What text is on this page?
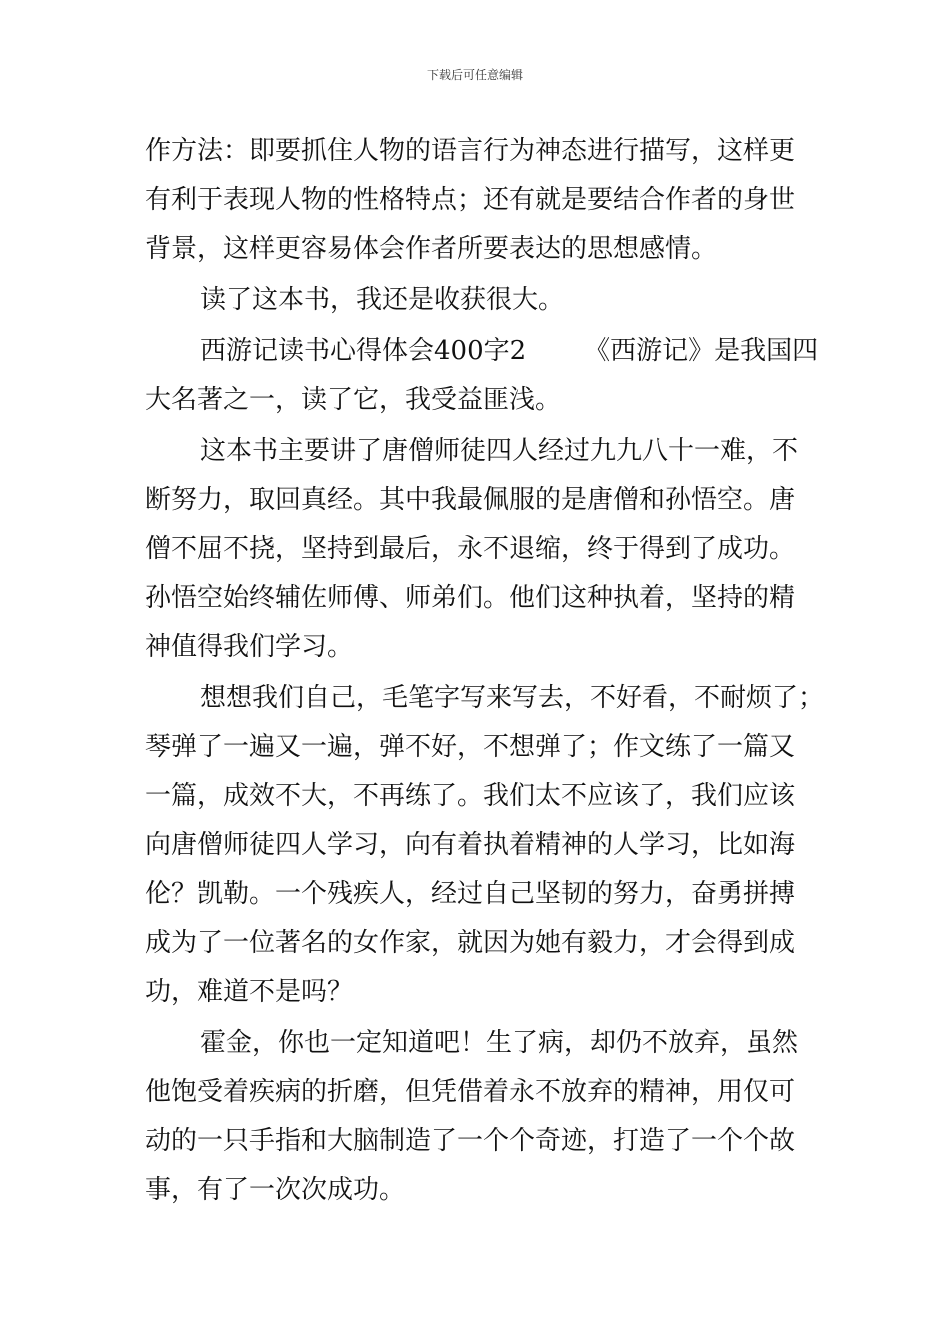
下载后可任意编辑
作方法：即要抓住人物的语言行为神态进行描写，这样更
有利于表现人物的性格特点；还有就是要结合作者的身世
背景，这样更容易体会作者所要表达的思想感情。
读了这本书，我还是收获很大。
西游记读书心得体会400字2 《西游记》是我国四
大名著之一，读了它，我受益匪浅。
这本书主要讲了唐僧师徒四人经过九九八十一难，不
断努力，取回真经。其中我最佩服的是唐僧和孙悟空。唐
僧不屈不挠，坚持到最后，永不退缩，终于得到了成功。
孙悟空始终辅佐师傅、师弟们。他们这种执着，坚持的精
神值得我们学习。
想想我们自己，毛笔字写来写去，不好看，不耐烦了；
琴弹了一遍又一遍，弹不好，不想弹了；作文练了一篇又
一篇，成效不大，不再练了。我们太不应该了，我们应该
向唐僧师徒四人学习，向有着执着精神的人学习，比如海
伦？凯勒。一个残疾人，经过自己坚韧的努力，奋勇拼搏
成为了一位著名的女作家，就因为她有毅力，才会得到成
功，难道不是吗？
霍金，你也一定知道吧！生了病，却仍不放弃，虽然
他饱受着疾病的折磨，但凭借着永不放弃的精神，用仅可
动的一只手指和大脑制造了一个个奇迹，打造了一个个故
事，有了一次次成功。
